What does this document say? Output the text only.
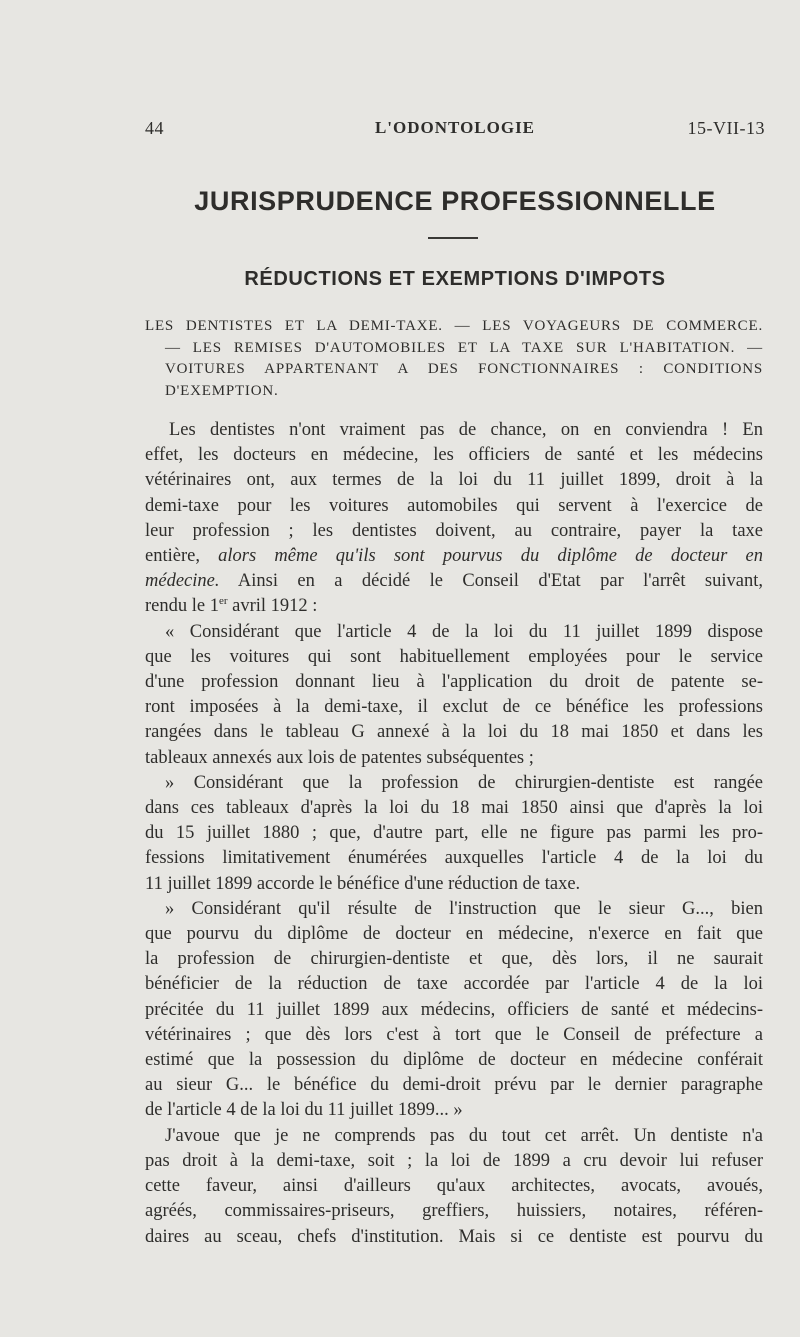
44	L'ODONTOLOGIE	15-VII-13
JURISPRUDENCE PROFESSIONNELLE
RÉDUCTIONS ET EXEMPTIONS D'IMPOTS
LES DENTISTES ET LA DEMI-TAXE. — LES VOYAGEURS DE COMMERCE.
— LES REMISES D'AUTOMOBILES ET LA TAXE SUR L'HABITATION. —
VOITURES APPARTENANT A DES FONCTIONNAIRES : CONDITIONS
D'EXEMPTION.
Les dentistes n'ont vraiment pas de chance, on en conviendra ! En
effet, les docteurs en médecine, les officiers de santé et les médecins
vétérinaires ont, aux termes de la loi du 11 juillet 1899, droit à la
demi-taxe pour les voitures automobiles qui servent à l'exercice de
leur profession ; les dentistes doivent, au contraire, payer la taxe
entière, alors même qu'ils sont pourvus du diplôme de docteur en
médecine. Ainsi en a décidé le Conseil d'Etat par l'arrêt suivant,
rendu le 1er avril 1912 :
« Considérant que l'article 4 de la loi du 11 juillet 1899 dispose
que les voitures qui sont habituellement employées pour le service
d'une profession donnant lieu à l'application du droit de patente se-
ront imposées à la demi-taxe, il exclut de ce bénéfice les professions
rangées dans le tableau G annexé à la loi du 18 mai 1850 et dans les
tableaux annexés aux lois de patentes subséquentes ;
» Considérant que la profession de chirurgien-dentiste est rangée
dans ces tableaux d'après la loi du 18 mai 1850 ainsi que d'après la loi
du 15 juillet 1880 ; que, d'autre part, elle ne figure pas parmi les pro-
fessions limitativement énumérées auxquelles l'article 4 de la loi du
11 juillet 1899 accorde le bénéfice d'une réduction de taxe.
» Considérant qu'il résulte de l'instruction que le sieur G..., bien
que pourvu du diplôme de docteur en médecine, n'exerce en fait que
la profession de chirurgien-dentiste et que, dès lors, il ne saurait
bénéficier de la réduction de taxe accordée par l'article 4 de la loi
précitée du 11 juillet 1899 aux médecins, officiers de santé et médecins-
vétérinaires ; que dès lors c'est à tort que le Conseil de préfecture a
estimé que la possession du diplôme de docteur en médecine conférait
au sieur G... le bénéfice du demi-droit prévu par le dernier paragraphe
de l'article 4 de la loi du 11 juillet 1899... »
J'avoue que je ne comprends pas du tout cet arrêt. Un dentiste n'a
pas droit à la demi-taxe, soit ; la loi de 1899 a cru devoir lui refuser
cette faveur, ainsi d'ailleurs qu'aux architectes, avocats, avoués,
agréés, commissaires-priseurs, greffiers, huissiers, notaires, référen-
daires au sceau, chefs d'institution. Mais si ce dentiste est pourvu du
